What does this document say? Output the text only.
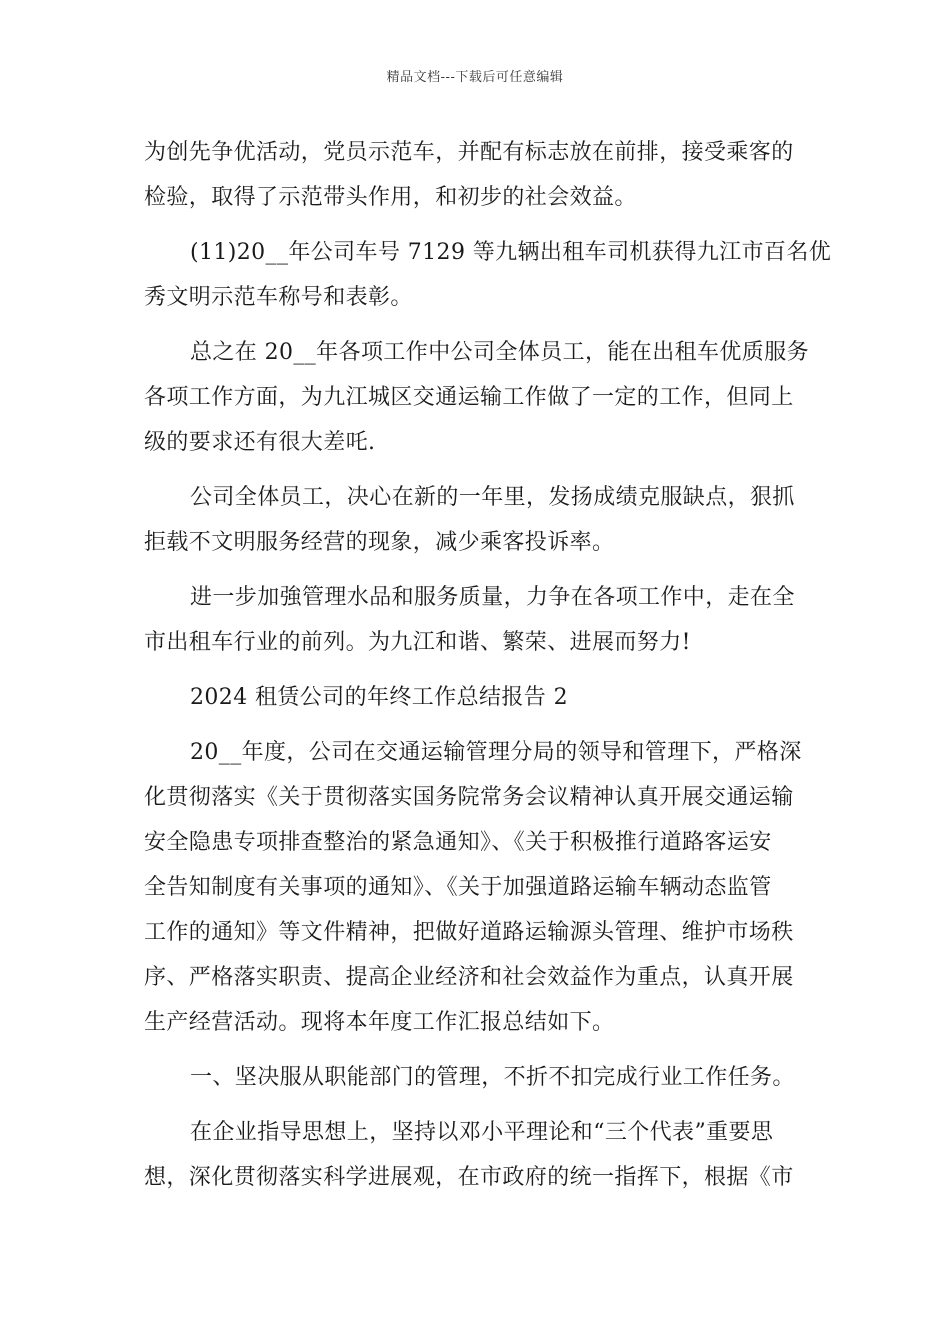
精品文档---下载后可任意编辑

为创先争优活动，党员示范车，并配有标志放在前排，接受乘客的
检验，取得了示范带头作用，和初步的社会效益。

(11)20__年公司车号 7129 等九辆出租车司机获得九江市百名优
秀文明示范车称号和表彰。

总之在 20__年各项工作中公司全体员工，能在出租车优质服务
各项工作方面，为九江城区交通运输工作做了一定的工作，但同上
级的要求还有很大差吒.

公司全体员工，决心在新的一年里，发扬成绩克服缺点，狠抓
拒载不文明服务经营的现象，减少乘客投诉率。

进一步加強管理水品和服务质量，力争在各项工作中，走在全
市出租车行业的前列。为九江和谐、繁荣、进展而努力!

2024 租赁公司的年终工作总结报告 2

20__年度，公司在交通运输管理分局的领导和管理下，严格深
化贯彻落实《关于贯彻落实国务院常务会议精神认真开展交通运输
安全隐患专项排查整治的紧急通知》、《关于积极推行道路客运安
全告知制度有关事项的通知》、《关于加强道路运输车辆动态监管
工作的通知》等文件精神，把做好道路运输源头管理、维护市场秩
序、严格落实职责、提高企业经济和社会效益作为重点，认真开展
生产经营活动。现将本年度工作汇报总结如下。

一、坚决服从职能部门的管理，不折不扣完成行业工作任务。

在企业指导思想上，坚持以邓小平理论和“三个代表”重要思
想，深化贯彻落实科学进展观，在市政府的统一指挥下，根据《市
